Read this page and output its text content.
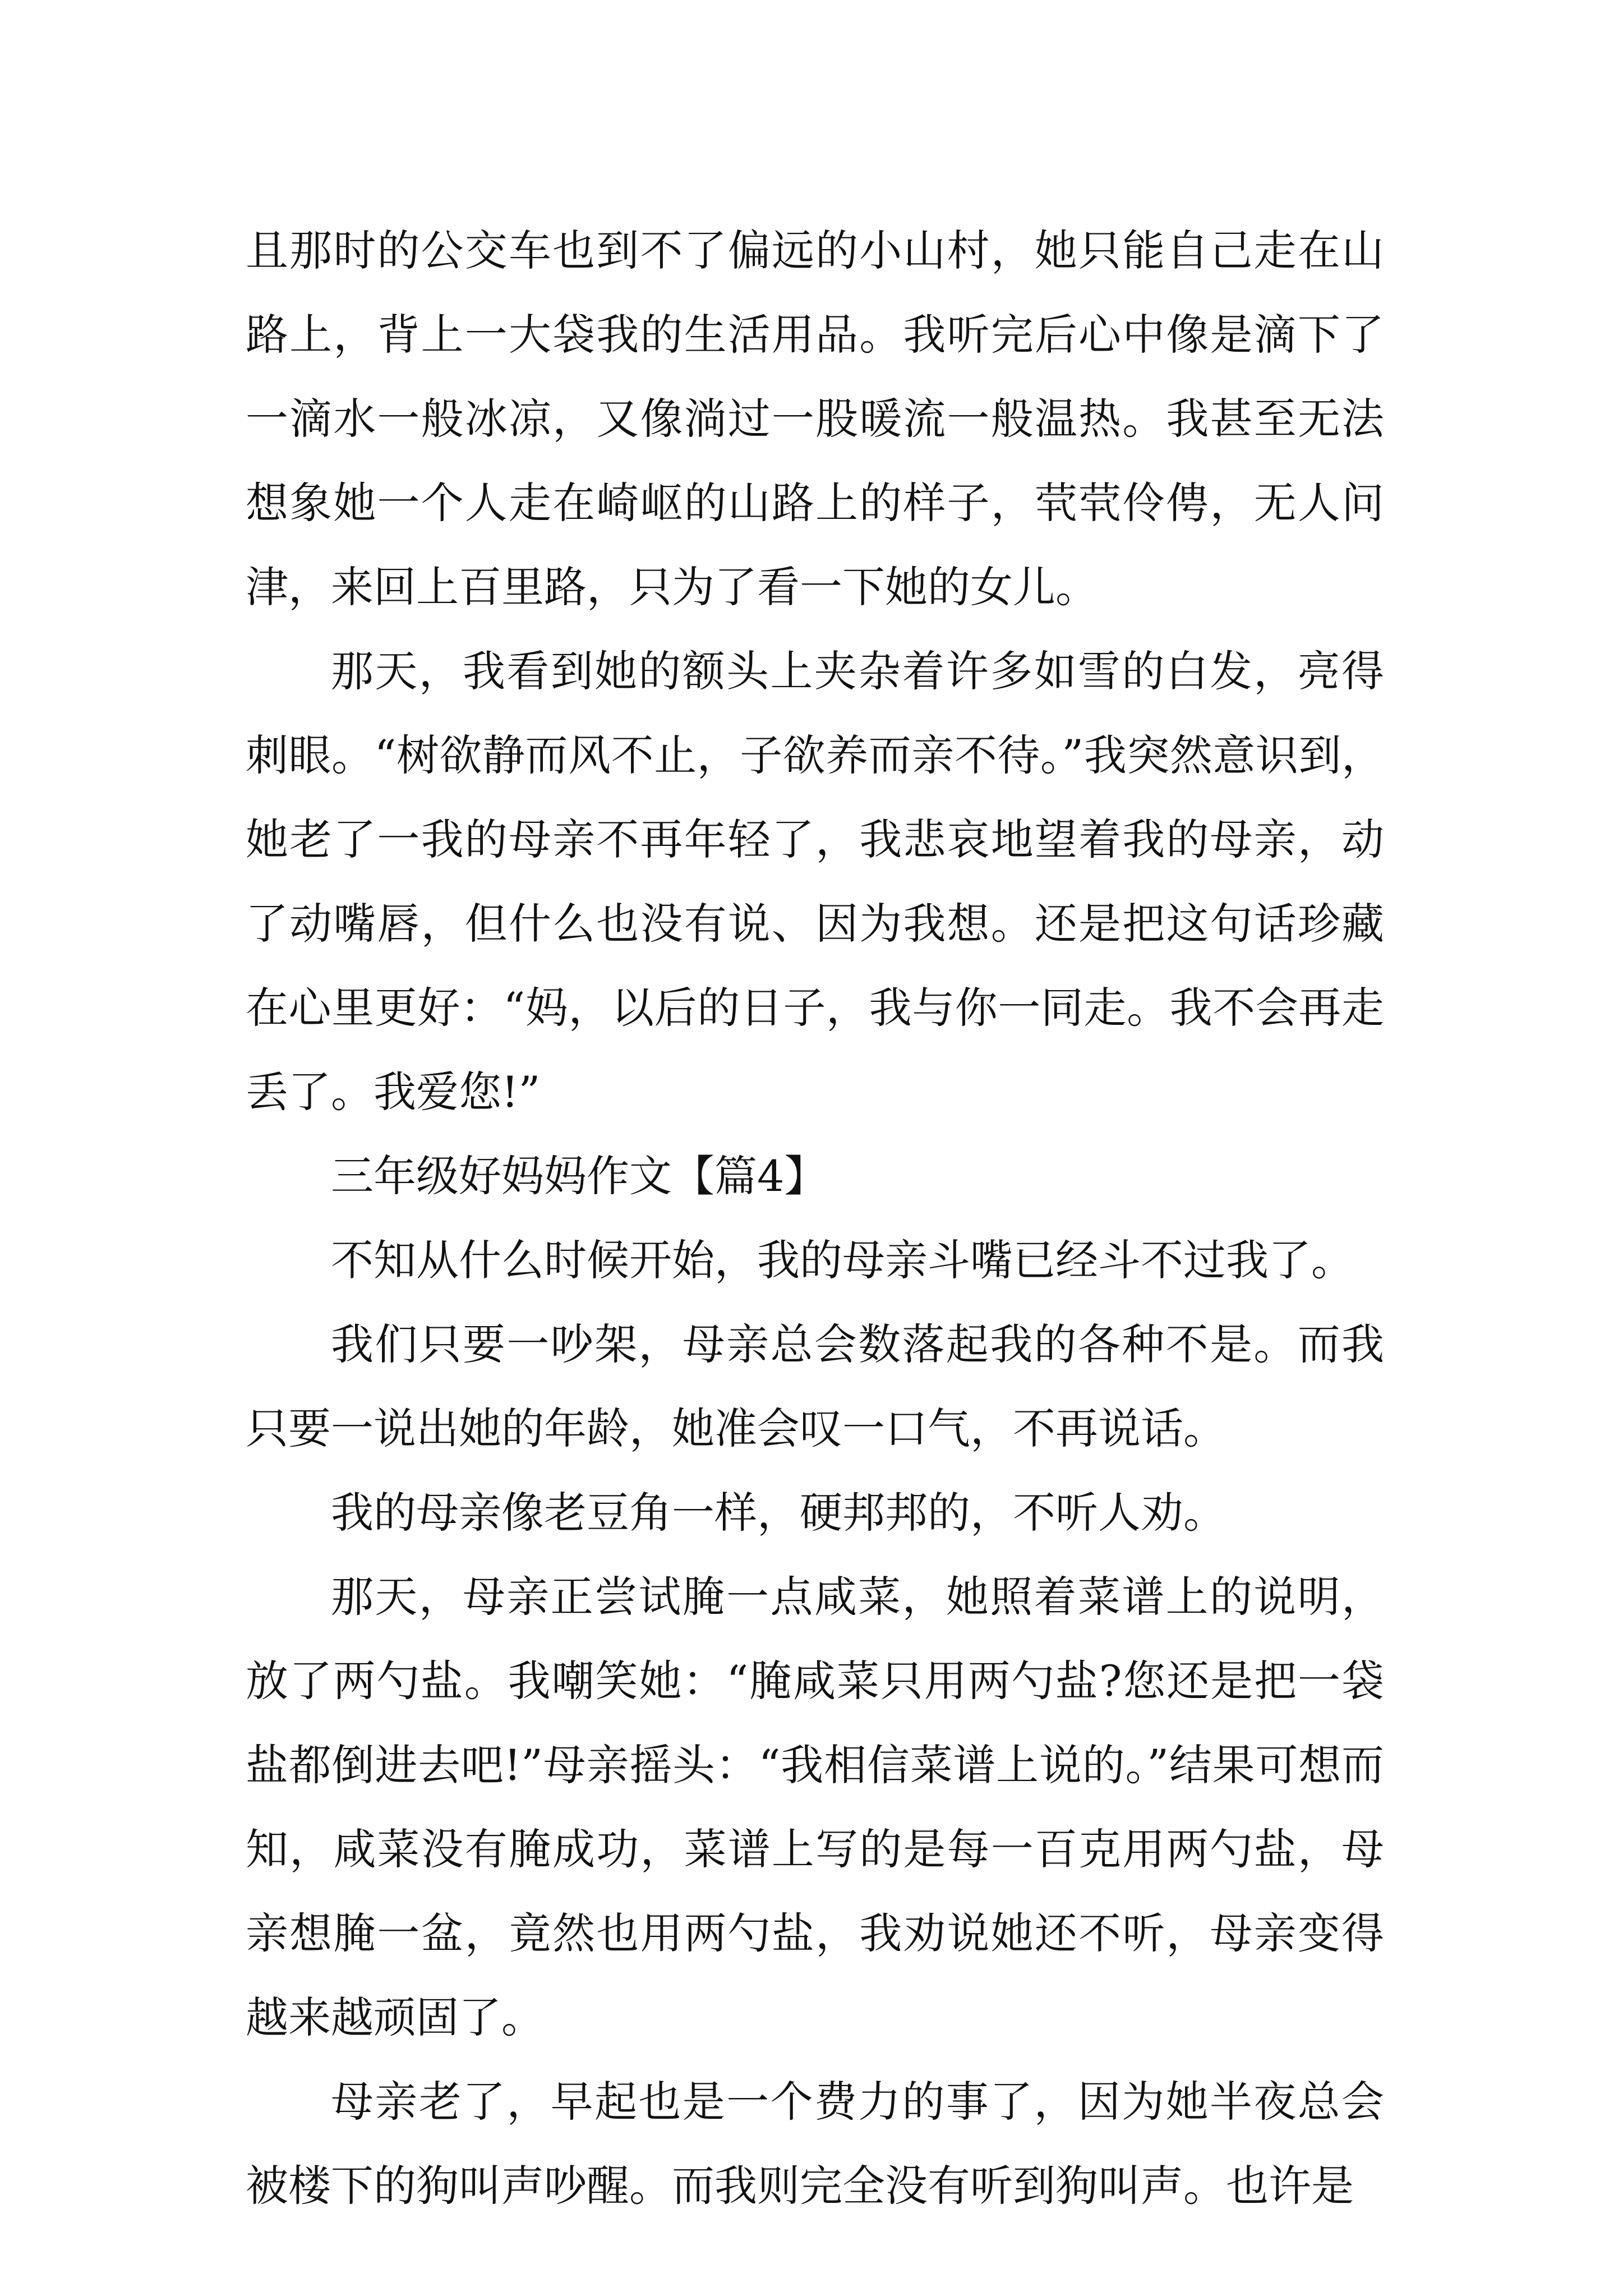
且那时的公交车也到不了偏远的小山村，她只能自己走在山路上，背上一大袋我的生活用品。我听完后心中像是滴下了一滴水一般冰凉，又像淌过一股暖流一般温热。我甚至无法想象她一个人走在崎岖的山路上的样子，茕茕伶俜，无人问津，来回上百里路，只为了看一下她的女儿。

那天，我看到她的额头上夹杂着许多如雪的白发，亮得刺眼。“树欲静而风不止，子欲养而亲不待。”我突然意识到，她老了一我的母亲不再年轻了，我悲哀地望着我的母亲，动了动嘴唇，但什么也没有说、因为我想。还是把这句话珍藏在心里更好：“妈，以后的日子，我与你一同走。我不会再走丢了。我爱您!”

三年级好妈妈作文【篇4】

不知从什么时候开始，我的母亲斗嘴已经斗不过我了。

我们只要一吵架，母亲总会数落起我的各种不是。而我只要一说出她的年龄，她准会叹一口气，不再说话。

我的母亲像老豆角一样，硬邦邦的，不听人劝。

那天，母亲正尝试腌一点咸菜，她照着菜谱上的说明，放了两勺盐。我嘲笑她：“腌咸菜只用两勺盐?您还是把一袋盐都倒进去吧!”母亲摇头：“我相信菜谱上说的。”结果可想而知，咸菜没有腌成功，菜谱上写的是每一百克用两勺盐，母亲想腌一盆，竟然也用两勺盐，我劝说她还不听，母亲变得越来越顽固了。

母亲老了，早起也是一个费力的事了，因为她半夜总会被楼下的狗叫声吵醒。而我则完全没有听到狗叫声。也许是
